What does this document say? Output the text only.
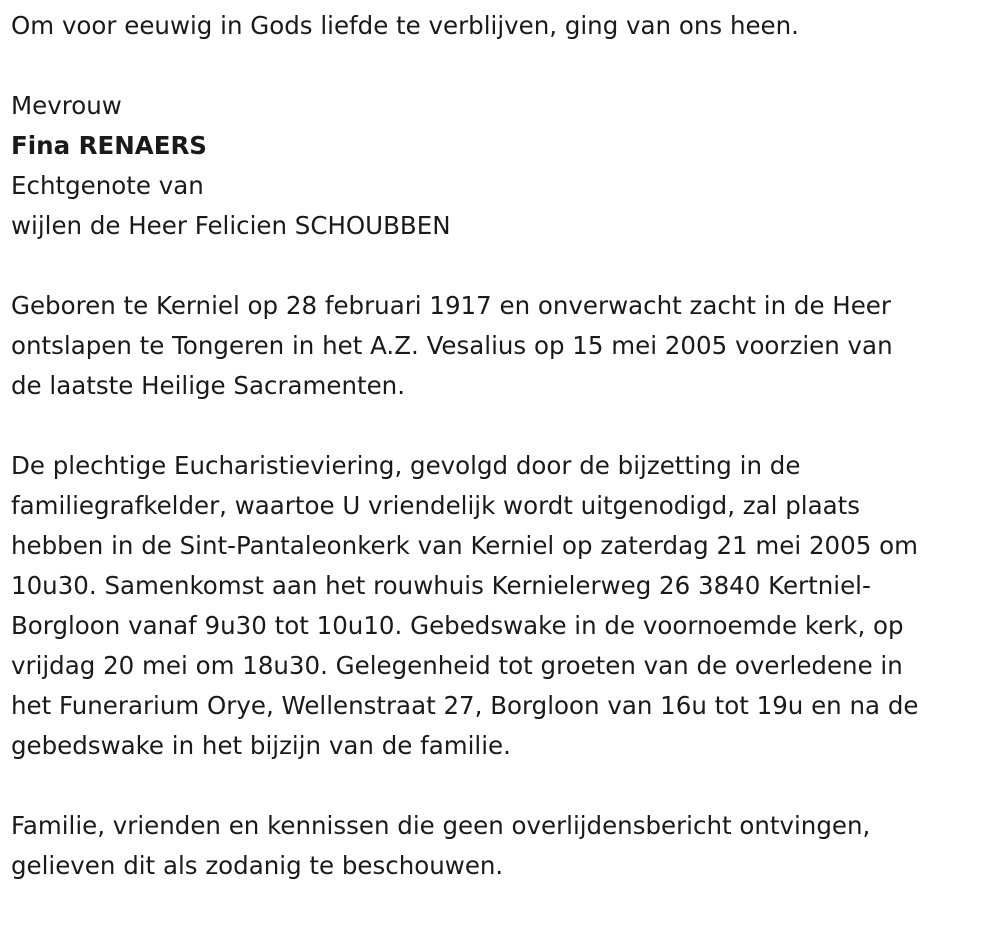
Om voor eeuwig in Gods liefde te verblijven, ging van ons heen.
Mevrouw
Fina RENAERS
Echtgenote van
wijlen de Heer Felicien SCHOUBBEN
Geboren te Kerniel op 28 februari 1917 en onverwacht zacht in de Heer
ontslapen te Tongeren in het A.Z. Vesalius op 15 mei 2005 voorzien van
de laatste Heilige Sacramenten.
De plechtige Eucharistieviering, gevolgd door de bijzetting in de
familiegrafkelder, waartoe U vriendelijk wordt uitgenodigd, zal plaats
hebben in de Sint-Pantaleonkerk van Kerniel op zaterdag 21 mei 2005 om
10u30. Samenkomst aan het rouwhuis Kernielerweg 26 3840 Kertniel-
Borgloon vanaf 9u30 tot 10u10. Gebedswake in de voornoemde kerk, op
vrijdag 20 mei om 18u30. Gelegenheid tot groeten van de overledene in
het Funerarium Orye, Wellenstraat 27, Borgloon van 16u tot 19u en na de
gebedswake in het bijzijn van de familie.
Familie, vrienden en kennissen die geen overlijdensbericht ontvingen,
gelieven dit als zodanig te beschouwen.
